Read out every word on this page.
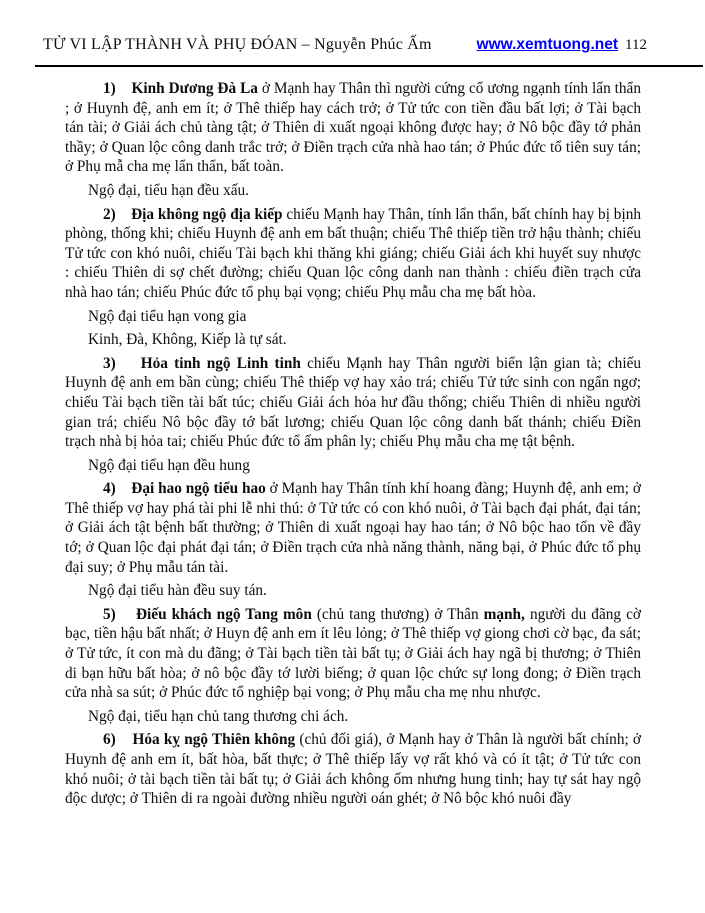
TỬ VI LẬP THÀNH VÀ PHỤ ĐÓAN – Nguyễn Phúc Ấm	www.xemtuong.net 112

1)    Kinh Dương Đà La ở Mạnh hay Thân thì người cứng cổ ương ngạnh tính lẩn thẩn ; ở Huynh đệ, anh em ít; ở Thê thiếp hay cách trở; ở Tử tức con tiền đầu bất lợi; ở Tài bạch tán tài; ở Giải ách chủ tàng tật; ở Thiên di xuất ngoại không được hay; ở Nô bộc đầy tớ phản thầy; ở Quan lộc công danh trắc trở; ở Điền trạch cửa nhà hao tán; ở Phúc đức tổ tiên suy tán; ở Phụ mẫ cha mẹ lẩn thẩn, bất toàn.

Ngộ đại, tiểu hạn đều xấu.

2)    Địa không ngộ địa kiếp chiếu Mạnh hay Thân, tính lẩn thẩn, bất chính hay bị bịnh phòng, thống khi; chiếu Huynh đệ anh em bất thuận; chiếu Thê thiếp tiền trở hậu thành; chiếu Tử tức con khó nuôi, chiếu Tài bạch khi thăng khi giáng; chiếu Giải ách khi huyết suy nhược : chiếu Thiên di sợ chết đường; chiếu Quan lộc công danh nan thành : chiếu điền trạch cửa nhà hao tán; chiếu Phúc đức tổ phụ bại vọng; chiếu Phụ mẫu cha mẹ bất hòa.

Ngộ đại tiểu hạn vong gia

Kinh, Đà, Không, Kiếp là tự sát.

3)    Hỏa tinh ngộ Linh tinh chiếu Mạnh hay Thân người biển lận gian tà; chiếu Huynh đệ anh em bần cùng; chiếu Thê thiếp vợ hay xảo trá; chiếu Tử tức sinh con ngẩn ngơ; chiếu Tài bạch tiền tài bất túc; chiếu Giải ách hỏa hư đầu thống; chiếu Thiên di nhiều người gian trá; chiếu Nô bộc đầy tớ bất lương; chiếu Quan lộc công danh bất thánh; chiếu Điền trạch nhà bị hỏa tai; chiếu Phúc đức tổ ấm phân ly; chiếu Phụ mẫu cha mẹ tật bệnh.

Ngộ đại tiểu hạn đều hung

4)    Đại hao ngộ tiểu hao ở Mạnh hay Thân tính khí hoang đàng; Huynh đệ, anh em; ở Thê thiếp vợ hay phá tài phi lễ nhi thú: ở Tử tức có con khó nuôi, ở Tài bạch đại phát, đại tán; ở Giải ách tật bệnh bất thường; ở Thiên di xuất ngoại hay hao tán; ở Nô bộc hao tổn về đầy tớ; ở Quan lộc đại phát đại tán; ở Điền trạch cửa nhà năng thành, năng bại, ở Phúc đức tổ phụ đại suy; ở Phụ mẫu tán tài.

Ngộ đại tiểu hàn đều suy tán.

5)    Điếu khách ngộ Tang môn (chủ tang thương) ở Thân mạnh, người du đãng cờ bạc, tiền hậu bất nhất; ở Huyn đệ anh em ít lêu lỏng; ở Thê thiếp vợ giong chơi cờ bạc, đa sát; ở Tử tức, ít con mà du đãng; ở Tài bạch tiền tài bất tụ; ở Giải ách hay ngã bị thương; ở Thiên di bạn hữu bất hòa; ở nô bộc đầy tớ lười biếng; ở quan lộc chức sự long đong; ở Điền trạch cửa nhà sa sút; ở Phúc đức tổ nghiệp bại vong; ở Phụ mẫu cha mẹ nhu nhược.

Ngộ đại, tiểu hạn chủ tang thương chi ách.

6)    Hóa kỵ ngộ Thiên không (chủ đối giá), ở Mạnh hay ở Thân là người bất chính; ở Huynh đệ anh em ít, bất hòa, bất thực; ở Thê thiếp lấy vợ rất khó và có ít tật; ở Tử tức con khó nuôi; ở tài bạch tiền tài bất tụ; ở Giải ách không ốm nhưng hung tinh; hay tự sát hay ngộ độc dược; ở Thiên di ra ngoài đường nhiều người oán ghét; ở Nô bộc khó nuôi đầy
